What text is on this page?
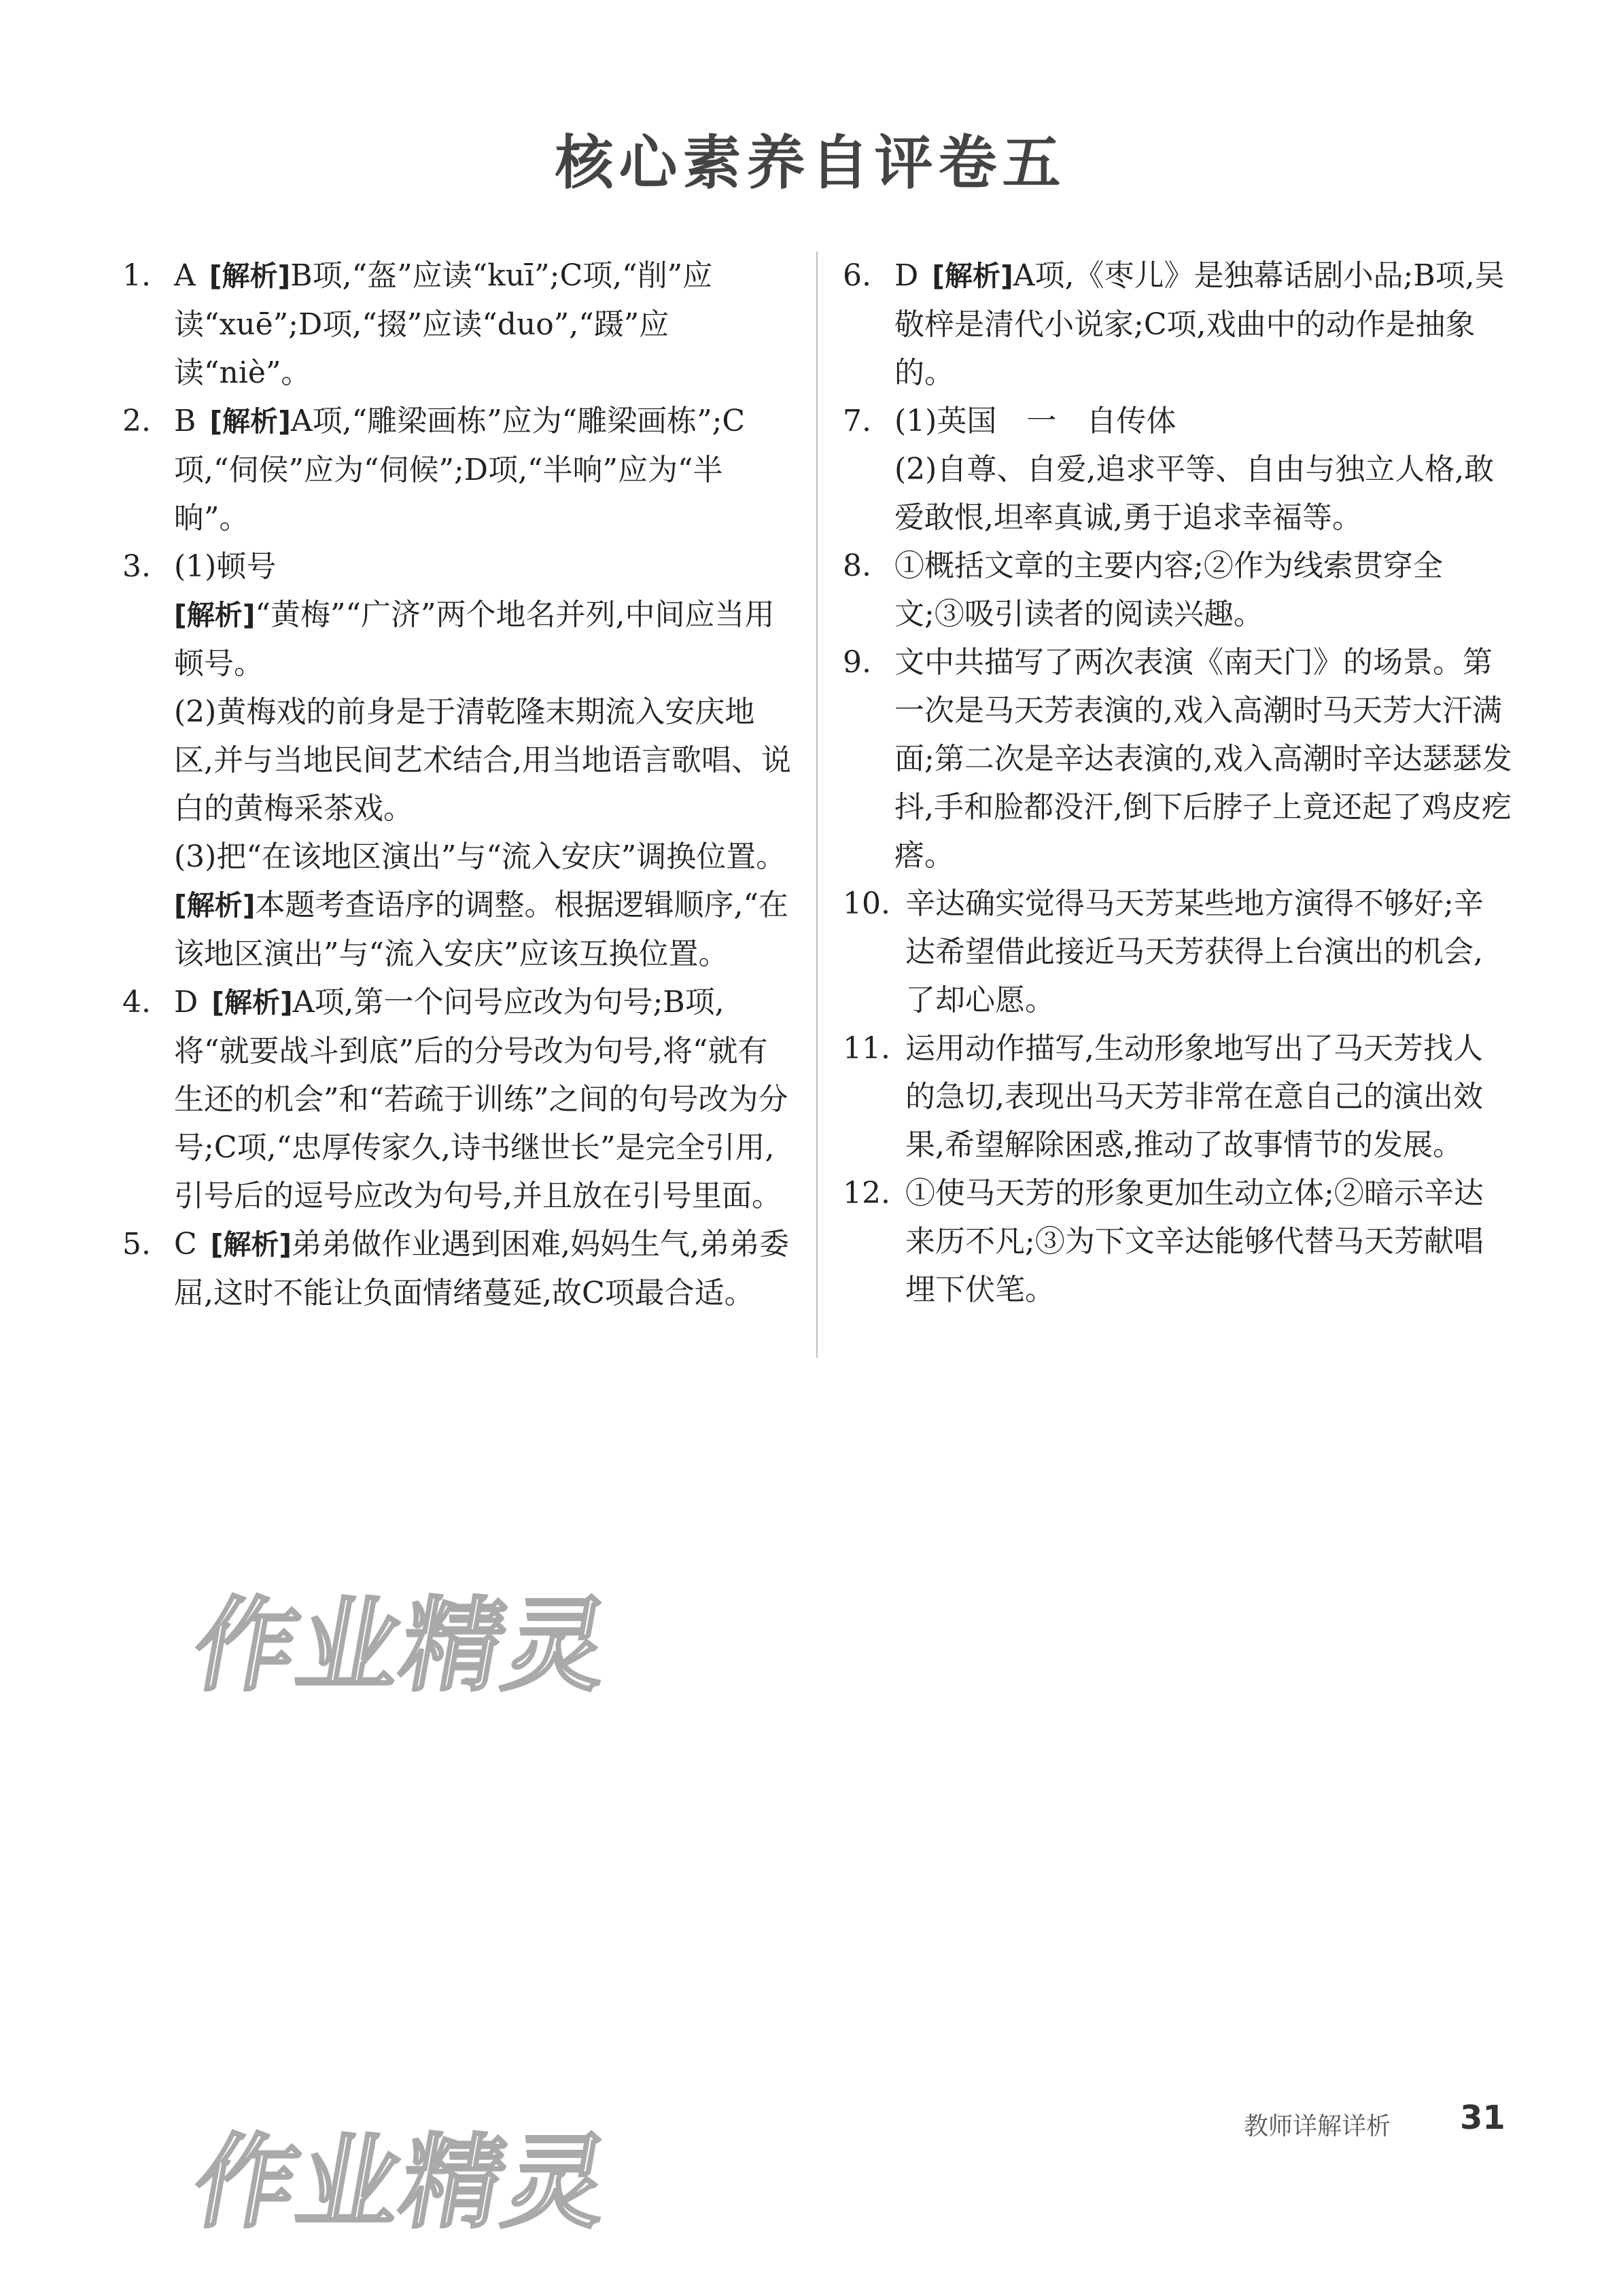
核心素养自评卷五
1. A [解析]B项,“盔”应读“kuī”;C项,“削”应读“xuē”;D项,“掇”应读“duo”,“蹑”应读“niè”。
2. B [解析]A项,“雕梁画栋”应为“雕梁画栋”;C项,“伺侯”应为“伺候”;D项,“半响”应为“半晌”。
3. (1)顿号
[解析]“黄梅”“广济”两个地名并列,中间应当用顿号。
(2)黄梅戏的前身是于清乾隆末期流入安庆地区,并与当地民间艺术结合,用当地语言歌唱、说白的黄梅采茶戏。
(3)把“在该地区演出”与“流入安庆”调换位置。
[解析]本题考查语序的调整。根据逻辑顺序,“在该地区演出”与“流入安庆”应该互换位置。
4. D [解析]A项,第一个问号应改为句号;B项,将“就要战斗到底”后的分号改为句号,将“就有生还的机会”和“若疏于训练”之间的句号改为分号;C项,“忠厚传家久,诗书继世长”是完全引用,引号后的逗号应改为句号,并且放在引号里面。
5. C [解析]弟弟做作业遇到困难,妈妈生气,弟弟委屈,这时不能让负面情绪蔓延,故C项最合适。
6. D [解析]A项,《枣儿》是独幕话剧小品;B项,吴敬梓是清代小说家;C项,戏曲中的动作是抽象的。
7. (1)英国　一　自传体
(2)自尊、自爱,追求平等、自由与独立人格,敢爱敢恨,坦率真诚,勇于追求幸福等。
8. ①概括文章的主要内容;②作为线索贯穿全文;③吸引读者的阅读兴趣。
9. 文中共描写了两次表演《南天门》的场景。第一次是马天芳表演的,戏入高潮时马天芳大汗满面;第二次是辛达表演的,戏入高潮时辛达瑟瑟发抖,手和脸都没汗,倒下后脖子上竟还起了鸡皮疙瘩。
10. 辛达确实觉得马天芳某些地方演得不够好;辛达希望借此接近马天芳获得上台演出的机会,了却心愿。
11. 运用动作描写,生动形象地写出了马天芳找人的急切,表现出马天芳非常在意自己的演出效果,希望解除困惑,推动了故事情节的发展。
12. ①使马天芳的形象更加生动立体;②暗示辛达来历不凡;③为下文辛达能够代替马天芳献唱埋下伏笔。
作业精灵
作业精灵	教师详解详析 31
